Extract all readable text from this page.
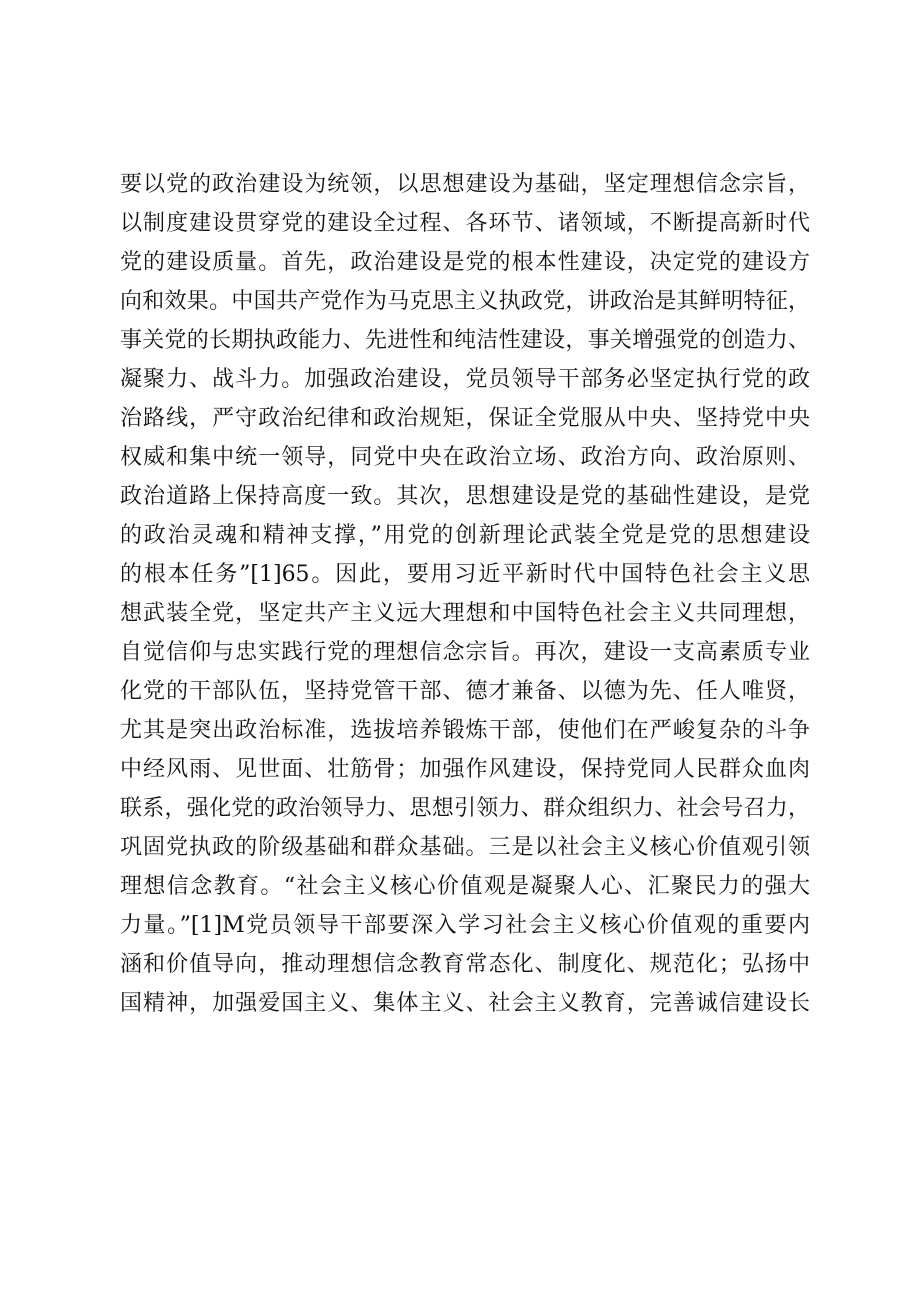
要以党的政治建设为统领，以思想建设为基础，坚定理想信念宗旨，
以制度建设贯穿党的建设全过程、各环节、诸领域，不断提高新时代
党的建设质量。首先，政治建设是党的根本性建设，决定党的建设方
向和效果。中国共产党作为马克思主义执政党，讲政治是其鲜明特征，
事关党的长期执政能力、先进性和纯洁性建设，事关增强党的创造力、
凝聚力、战斗力。加强政治建设，党员领导干部务必坚定执行党的政
治路线，严守政治纪律和政治规矩，保证全党服从中央、坚持党中央
权威和集中统一领导，同党中央在政治立场、政治方向、政治原则、
政治道路上保持高度一致。其次，思想建设是党的基础性建设，是党
的政治灵魂和精神支撑，”用党的创新理论武装全党是党的思想建设
的根本任务”[1]65。因此，要用习近平新时代中国特色社会主义思
想武装全党，坚定共产主义远大理想和中国特色社会主义共同理想，
自觉信仰与忠实践行党的理想信念宗旨。再次，建设一支高素质专业
化党的干部队伍，坚持党管干部、德才兼备、以德为先、任人唯贤，
尤其是突出政治标准，选拔培养锻炼干部，使他们在严峻复杂的斗争
中经风雨、见世面、壮筋骨；加强作风建设，保持党同人民群众血肉
联系，强化党的政治领导力、思想引领力、群众组织力、社会号召力，
巩固党执政的阶级基础和群众基础。三是以社会主义核心价值观引领
理想信念教育。“社会主义核心价值观是凝聚人心、汇聚民力的强大
力量。”[1]M党员领导干部要深入学习社会主义核心价值观的重要内
涵和价值导向，推动理想信念教育常态化、制度化、规范化；弘扬中
国精神，加强爱国主义、集体主义、社会主义教育，完善诚信建设长
